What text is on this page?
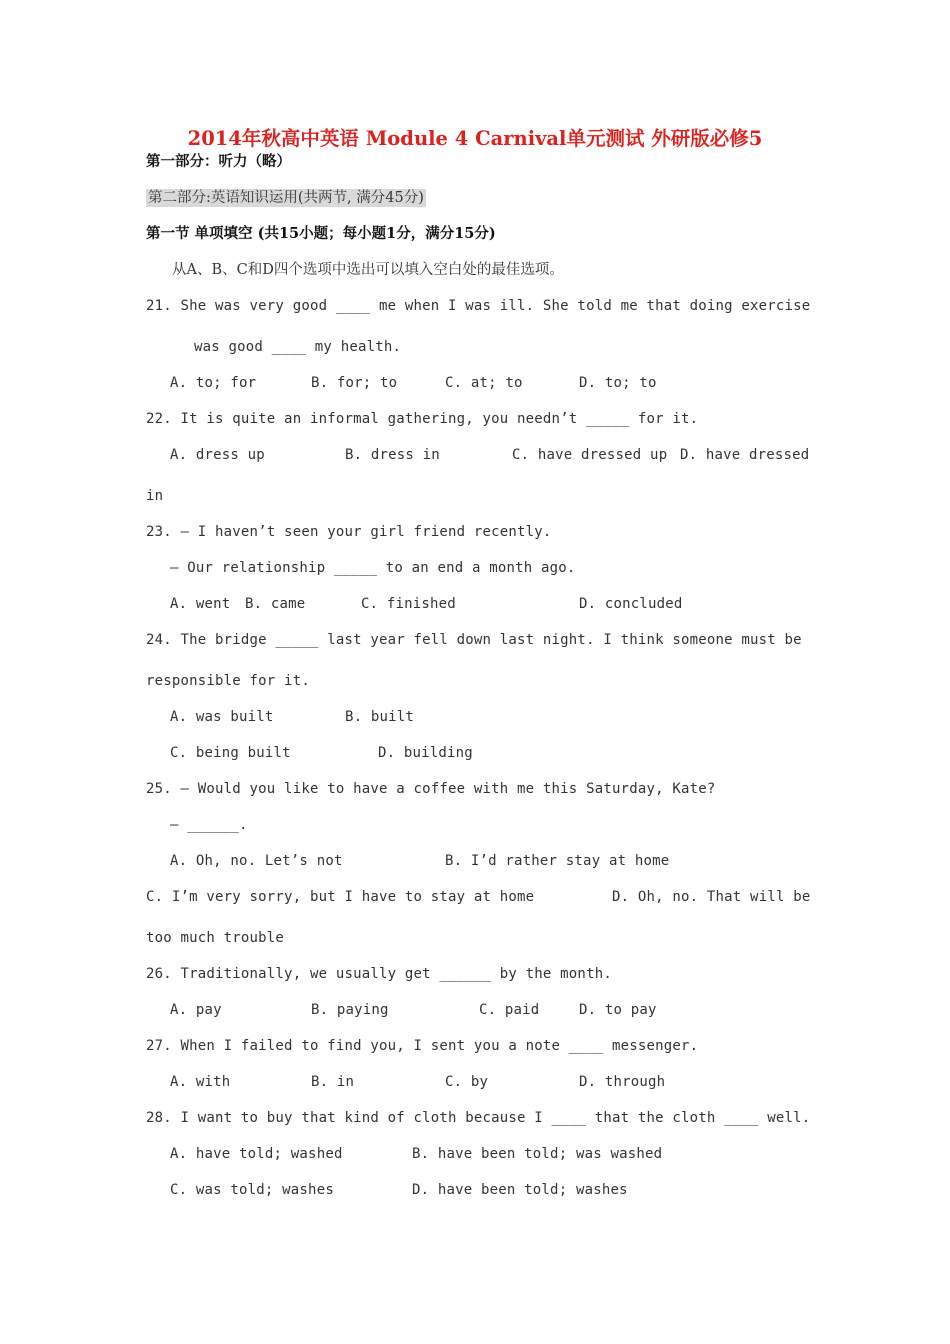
2014年秋高中英语 Module 4 Carnival单元测试 外研版必修5
第一部分：听力（略）
第二部分:英语知识运用(共两节, 满分45分)
第一节 单项填空 (共15小题；每小题1分，满分15分)
从A、B、C和D四个选项中选出可以填入空白处的最佳选项。
21. She was very good ____ me when I was ill. She told me that doing exercise
was good ____ my health.
A. to; for	B. for; to	C. at; to	D. to; to
22. It is quite an informal gathering, you needn’t _____ for it.
A. dress up	B. dress in	C. have dressed up D. have dressed
in
23. — I haven’t seen your girl friend recently.
— Our relationship _____ to an end a month ago.
A. went B. came	C. finished	D. concluded
24. The bridge _____ last year fell down last night. I think someone must be
responsible for it.
A. was built	B. built
C. being built	D. building
25. — Would you like to have a coffee with me this Saturday, Kate?
— ______.
A. Oh, no. Let’s not	B. I’d rather stay at home
C. I’m very sorry, but I have to stay at home	D. Oh, no. That will be
too much trouble
26. Traditionally, we usually get ______ by the month.
A. pay	B. paying	C. paid	D. to pay
27. When I failed to find you, I sent you a note ____ messenger.
A. with	B. in	C. by	D. through
28. I want to buy that kind of cloth because I ____ that the cloth ____ well.
A. have told; washed	B. have been told; was washed
C. was told; washes	D. have been told; washes
